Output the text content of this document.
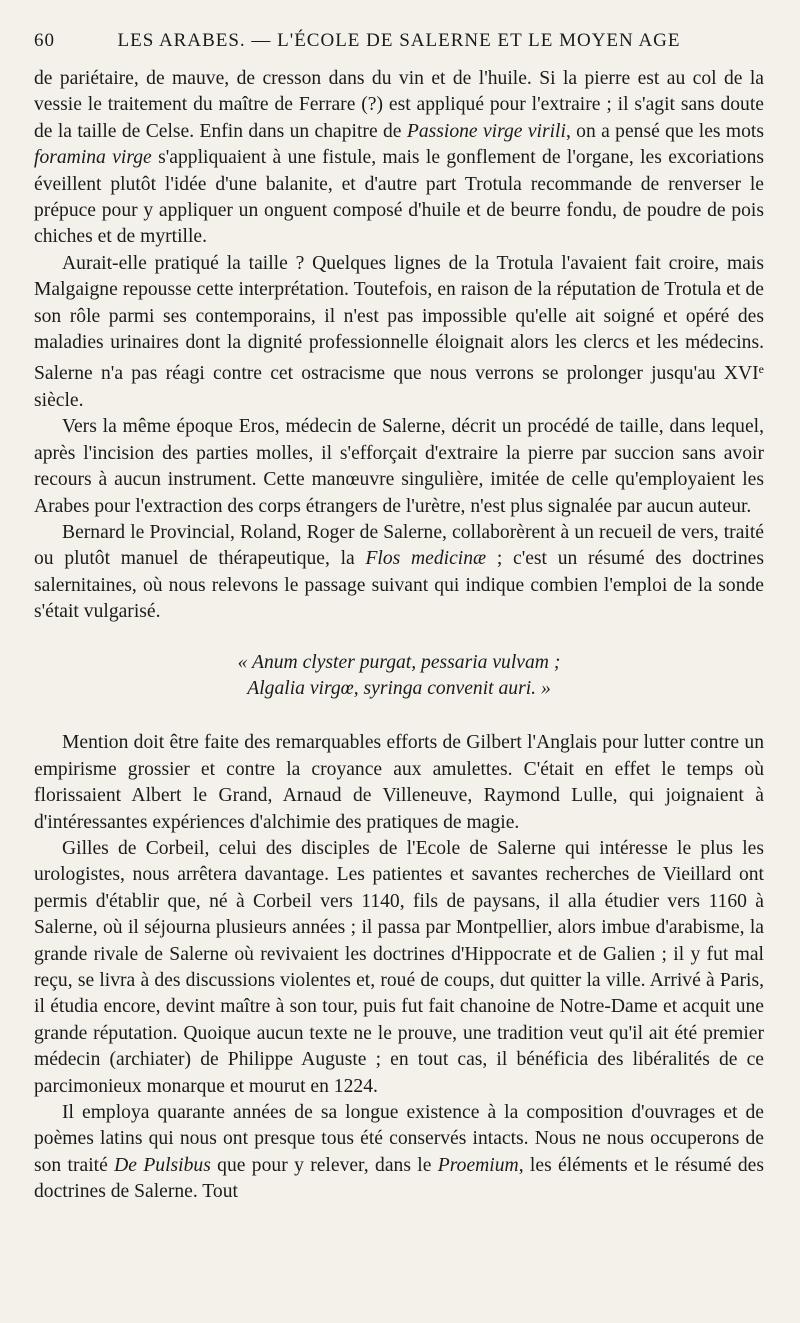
60	LES ARABES. — L'ÉCOLE DE SALERNE ET LE MOYEN AGE

de pariétaire, de mauve, de cresson dans du vin et de l'huile. Si la pierre est au col de la vessie le traitement du maître de Ferrare (?) est appliqué pour l'extraire ; il s'agit sans doute de la taille de Celse. Enfin dans un chapitre de Passione virge virili, on a pensé que les mots foramina virge s'appliquaient à une fistule, mais le gonflement de l'organe, les excoriations éveillent plutôt l'idée d'une balanite, et d'autre part Trotula recommande de renverser le prépuce pour y appliquer un onguent composé d'huile et de beurre fondu, de poudre de pois chiches et de myrtille.

Aurait-elle pratiqué la taille ? Quelques lignes de la Trotula l'avaient fait croire, mais Malgaigne repousse cette interprétation. Toutefois, en raison de la réputation de Trotula et de son rôle parmi ses contemporains, il n'est pas impossible qu'elle ait soigné et opéré des maladies urinaires dont la dignité professionnelle éloignait alors les clercs et les médecins. Salerne n'a pas réagi contre cet ostracisme que nous verrons se prolonger jusqu'au XVIe siècle.

Vers la même époque Eros, médecin de Salerne, décrit un procédé de taille, dans lequel, après l'incision des parties molles, il s'efforçait d'extraire la pierre par succion sans avoir recours à aucun instrument. Cette manœuvre singulière, imitée de celle qu'employaient les Arabes pour l'extraction des corps étrangers de l'urètre, n'est plus signalée par aucun auteur.

Bernard le Provincial, Roland, Roger de Salerne, collaborèrent à un recueil de vers, traité ou plutôt manuel de thérapeutique, la Flos medicinæ ; c'est un résumé des doctrines salernitaines, où nous relevons le passage suivant qui indique combien l'emploi de la sonde s'était vulgarisé.

« Anum clyster purgat, pessaria vulvam ;
Algalia virgœ, syringa convenit auri. »

Mention doit être faite des remarquables efforts de Gilbert l'Anglais pour lutter contre un empirisme grossier et contre la croyance aux amulettes. C'était en effet le temps où florissaient Albert le Grand, Arnaud de Villeneuve, Raymond Lulle, qui joignaient à d'intéressantes expériences d'alchimie des pratiques de magie.

Gilles de Corbeil, celui des disciples de l'Ecole de Salerne qui intéresse le plus les urologistes, nous arrêtera davantage. Les patientes et savantes recherches de Vieillard ont permis d'établir que, né à Corbeil vers 1140, fils de paysans, il alla étudier vers 1160 à Salerne, où il séjourna plusieurs années ; il passa par Montpellier, alors imbue d'arabisme, la grande rivale de Salerne où revivaient les doctrines d'Hippocrate et de Galien ; il y fut mal reçu, se livra à des discussions violentes et, roué de coups, dut quitter la ville. Arrivé à Paris, il étudia encore, devint maître à son tour, puis fut fait chanoine de Notre-Dame et acquit une grande réputation. Quoique aucun texte ne le prouve, une tradition veut qu'il ait été premier médecin (archiater) de Philippe Auguste ; en tout cas, il bénéficia des libéralités de ce parcimonieux monarque et mourut en 1224.

Il employa quarante années de sa longue existence à la composition d'ouvrages et de poèmes latins qui nous ont presque tous été conservés intacts. Nous ne nous occuperons de son traité De Pulsibus que pour y relever, dans le Proemium, les éléments et le résumé des doctrines de Salerne. Tout
